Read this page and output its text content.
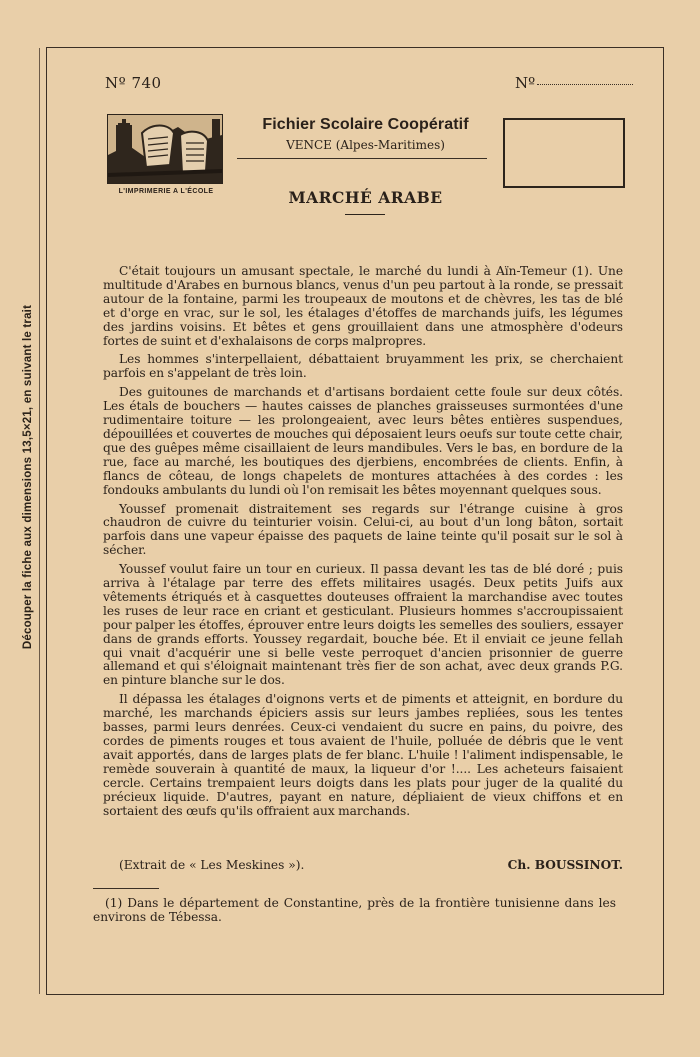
Découper la fiche aux dimensions 13,5×21, en suivant le trait
Nº 740	Nº
L'IMPRIMERIE A L'ÉCOLE
Fichier Scolaire Coopératif
VENCE (Alpes-Maritimes)
MARCHÉ ARABE

C'était toujours un amusant spectale, le marché du lundi à Aïn-Temeur (1). Une multitude d'Arabes en burnous blancs, venus d'un peu partout à la ronde, se pressait autour de la fontaine, parmi les troupeaux de moutons et de chèvres, les tas de blé et d'orge en vrac, sur le sol, les étalages d'étoffes de marchands juifs, les légumes des jardins voisins. Et bêtes et gens grouillaient dans une atmosphère d'odeurs fortes de suint et d'exhalaisons de corps malpropres.

Les hommes s'interpellaient, débattaient bruyamment les prix, se cherchaient parfois en s'appelant de très loin.

Des guitounes de marchands et d'artisans bordaient cette foule sur deux côtés. Les étals de bouchers — hautes caisses de planches graisseuses surmontées d'une rudimentaire toiture — les prolongeaient, avec leurs bêtes entières suspendues, dépouillées et couvertes de mouches qui déposaient leurs oeufs sur toute cette chair, que des guêpes même cisaillaient de leurs mandibules. Vers le bas, en bordure de la rue, face au marché, les boutiques des djerbiens, encombrées de clients. Enfin, à flancs de côteau, de longs chapelets de montures attachées à des cordes : les fondouks ambulants du lundi où l'on remisait les bêtes moyennant quelques sous.

Youssef promenait distraitement ses regards sur l'étrange cuisine à gros chaudron de cuivre du teinturier voisin. Celui-ci, au bout d'un long bâton, sortait parfois dans une vapeur épaisse des paquets de laine teinte qu'il posait sur le sol à sécher.

Youssef voulut faire un tour en curieux. Il passa devant les tas de blé doré ; puis arriva à l'étalage par terre des effets militaires usagés. Deux petits Juifs aux vêtements étriqués et à casquettes douteuses offraient la marchandise avec toutes les ruses de leur race en criant et gesticulant. Plusieurs hommes s'accroupissaient pour palper les étoffes, éprouver entre leurs doigts les semelles des souliers, essayer dans de grands efforts. Youssey regardait, bouche bée. Et il enviait ce jeune fellah qui vnait d'acquérir une si belle veste perroquet d'ancien prisonnier de guerre allemand et qui s'éloignait maintenant très fier de son achat, avec deux grands P.G. en pinture blanche sur le dos.

Il dépassa les étalages d'oignons verts et de piments et atteignit, en bordure du marché, les marchands épiciers assis sur leurs jambes repliées, sous les tentes basses, parmi leurs denrées. Ceux-ci vendaient du sucre en pains, du poivre, des cordes de piments rouges et tous avaient de l'huile, polluée de débris que le vent avait apportés, dans de larges plats de fer blanc. L'huile ! l'aliment indispensable, le remède souverain à quantité de maux, la liqueur d'or !.... Les acheteurs faisaient cercle. Certains trempaient leurs doigts dans les plats pour juger de la qualité du précieux liquide. D'autres, payant en nature, dépliaient de vieux chiffons et en sortaient des œufs qu'ils offraient aux marchands.

(Extrait de « Les Meskines »).	Ch. BOUSSINOT.
(1) Dans le département de Constantine, près de la frontière tunisienne dans les environs de Tébessa.
